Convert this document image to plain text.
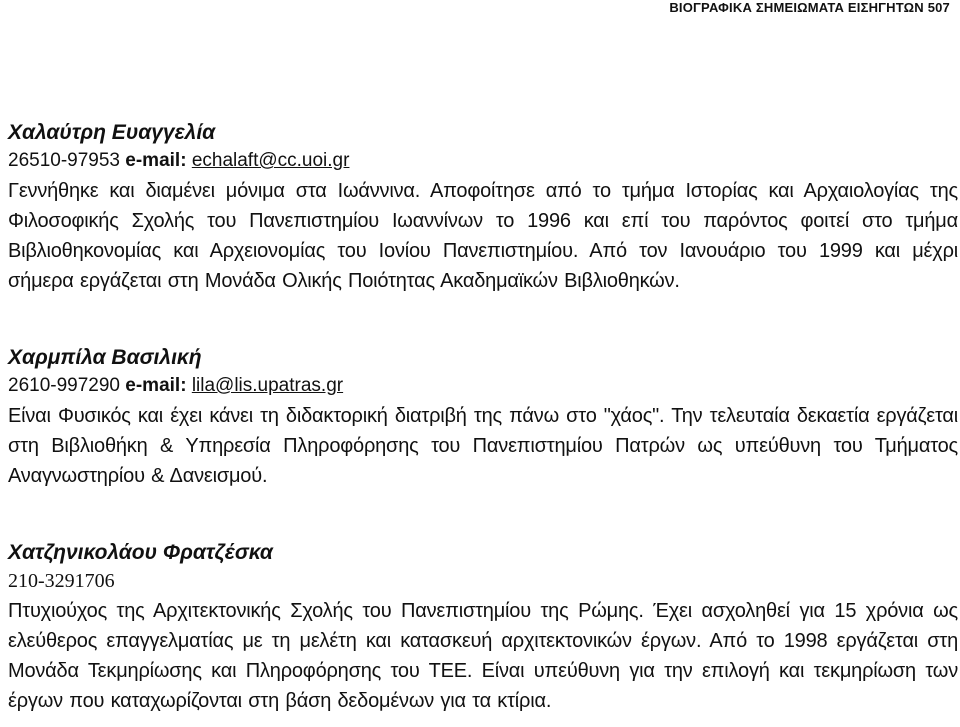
ΒΙΟΓΡΑΦΙΚΑ ΣΗΜΕΙΩΜΑΤΑ ΕΙΣΗΓΗΤΩΝ 507
Χαλαύτρη Ευαγγελία
26510-97953 e-mail: echalaft@cc.uoi.gr
Γεννήθηκε και διαμένει μόνιμα στα Ιωάννινα. Αποφοίτησε από το τμήμα Ιστορίας και Αρχαιολογίας της Φιλοσοφικής Σχολής του Πανεπιστημίου Ιωαννίνων το 1996 και επί του παρόντος φοιτεί στο τμήμα Βιβλιοθηκονομίας και Αρχειονομίας του Ιονίου Πανεπιστημίου. Από τον Ιανουάριο του 1999 και μέχρι σήμερα εργάζεται στη Μονάδα Ολικής Ποιότητας Ακαδημαϊκών Βιβλιοθηκών.
Χαρμπίλα Βασιλική
2610-997290 e-mail: lila@lis.upatras.gr
Είναι Φυσικός και έχει κάνει τη διδακτορική διατριβή της πάνω στο "χάος". Την τελευταία δεκαετία εργάζεται στη Βιβλιοθήκη & Υπηρεσία Πληροφόρησης του Πανεπιστημίου Πατρών ως υπεύθυνη του Τμήματος Αναγνωστηρίου & Δανεισμού.
Χατζηνικολάου Φρατζέσκα
210-3291706
Πτυχιούχος της Αρχιτεκτονικής Σχολής του Πανεπιστημίου της Ρώμης. Έχει ασχοληθεί για 15 χρόνια ως ελεύθερος επαγγελματίας με τη μελέτη και κατασκευή αρχιτεκτονικών έργων. Από το 1998 εργάζεται στη Μονάδα Τεκμηρίωσης και Πληροφόρησης του ΤΕΕ. Είναι υπεύθυνη για την επιλογή και τεκμηρίωση των έργων που καταχωρίζονται στη βάση δεδομένων για τα κτίρια.
